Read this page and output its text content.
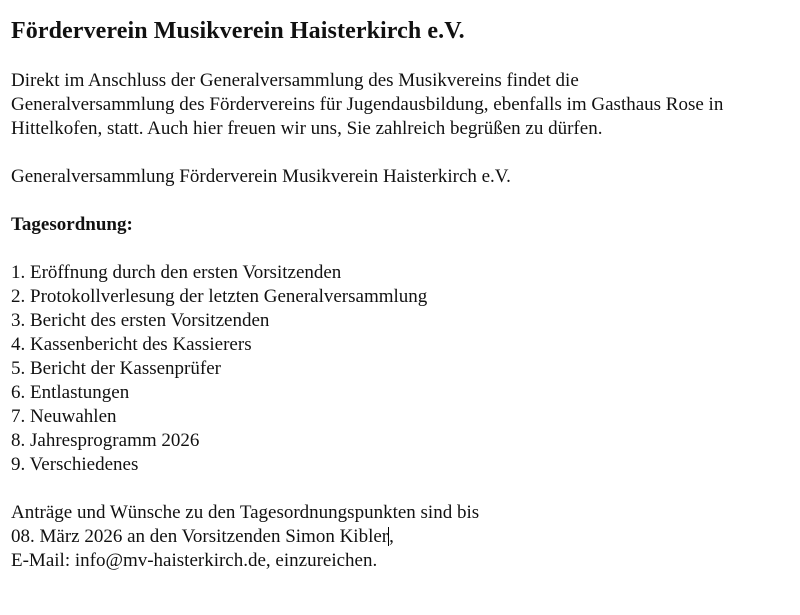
Förderverein Musikverein Haisterkirch e.V.

Direkt im Anschluss der Generalversammlung des Musikvereins findet die
Generalversammlung des Fördervereins für Jugendausbildung, ebenfalls im Gasthaus Rose in
Hittelkofen, statt. Auch hier freuen wir uns, Sie zahlreich begrüßen zu dürfen.

Generalversammlung Förderverein Musikverein Haisterkirch e.V.

Tagesordnung:

1. Eröffnung durch den ersten Vorsitzenden
2. Protokollverlesung der letzten Generalversammlung
3. Bericht des ersten Vorsitzenden
4. Kassenbericht des Kassierers
5. Bericht der Kassenprüfer
6. Entlastungen
7. Neuwahlen
8. Jahresprogramm 2026
9. Verschiedenes

Anträge und Wünsche zu den Tagesordnungspunkten sind bis
08. März 2026 an den Vorsitzenden Simon Kibler,
E-Mail: info@mv-haisterkirch.de, einzureichen.
